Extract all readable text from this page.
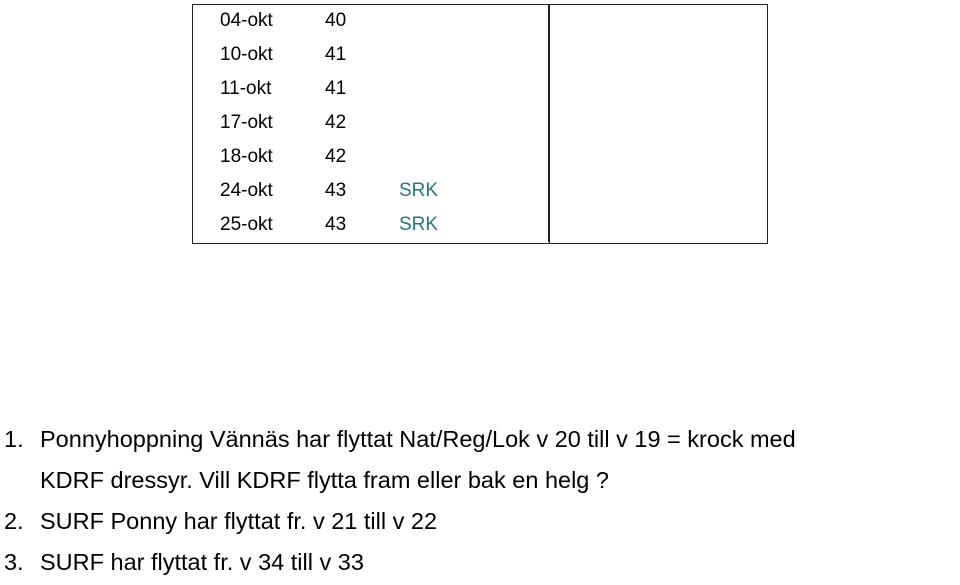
04-okt	40		
10-okt	41		
11-okt	41		
17-okt	42		
18-okt	42		
24-okt	43	SRK	
25-okt	43	SRK	
1. Ponnyhoppning Vännäs har flyttat Nat/Reg/Lok v 20 till v 19 = krock med
KDRF dressyr. Vill KDRF flytta fram eller bak en helg ?
2. SURF Ponny har flyttat fr. v 21 till v 22
3. SURF har flyttat fr. v 34 till v 33
